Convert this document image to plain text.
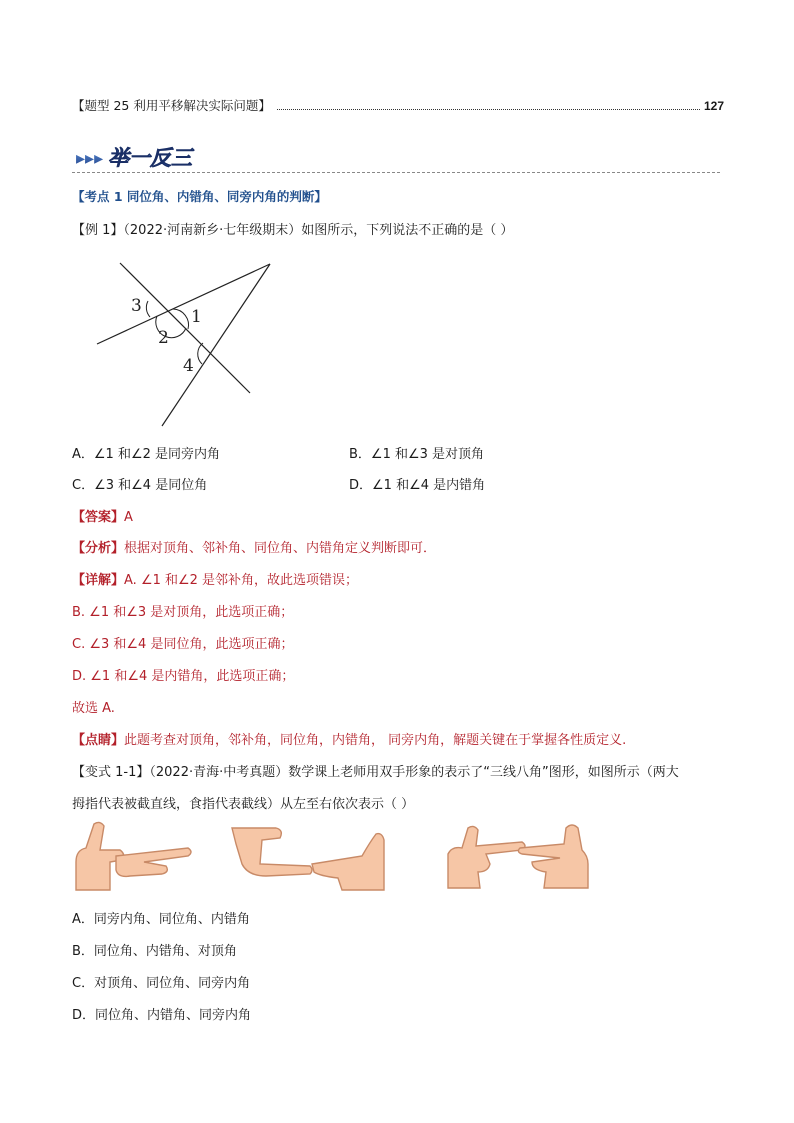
【题型 25 利用平移解决实际问题】	127
▸▸▸ 举一反三
【考点 1 同位角、内错角、同旁内角的判断】
【例 1】（2022·河南新乡·七年级期末）如图所示，下列说法不正确的是（ ）
3
1
2
4
A．∠1 和∠2 是同旁内角	B．∠1 和∠3 是对顶角
C．∠3 和∠4 是同位角	D．∠1 和∠4 是内错角
【答案】A
【分析】根据对顶角、邻补角、同位角、内错角定义判断即可．
【详解】A. ∠1 和∠2 是邻补角，故此选项错误；
B. ∠1 和∠3 是对顶角，此选项正确；
C. ∠3 和∠4 是同位角，此选项正确；
D. ∠1 和∠4 是内错角，此选项正确；
故选 A.
【点睛】此题考查对顶角，邻补角，同位角，内错角， 同旁内角，解题关键在于掌握各性质定义.
【变式 1-1】（2022·青海·中考真题）数学课上老师用双手形象的表示了“三线八角”图形，如图所示（两大
拇指代表被截直线，食指代表截线）从左至右依次表示（ ）
A．同旁内角、同位角、内错角
B．同位角、内错角、对顶角
C．对顶角、同位角、同旁内角
D．同位角、内错角、同旁内角
